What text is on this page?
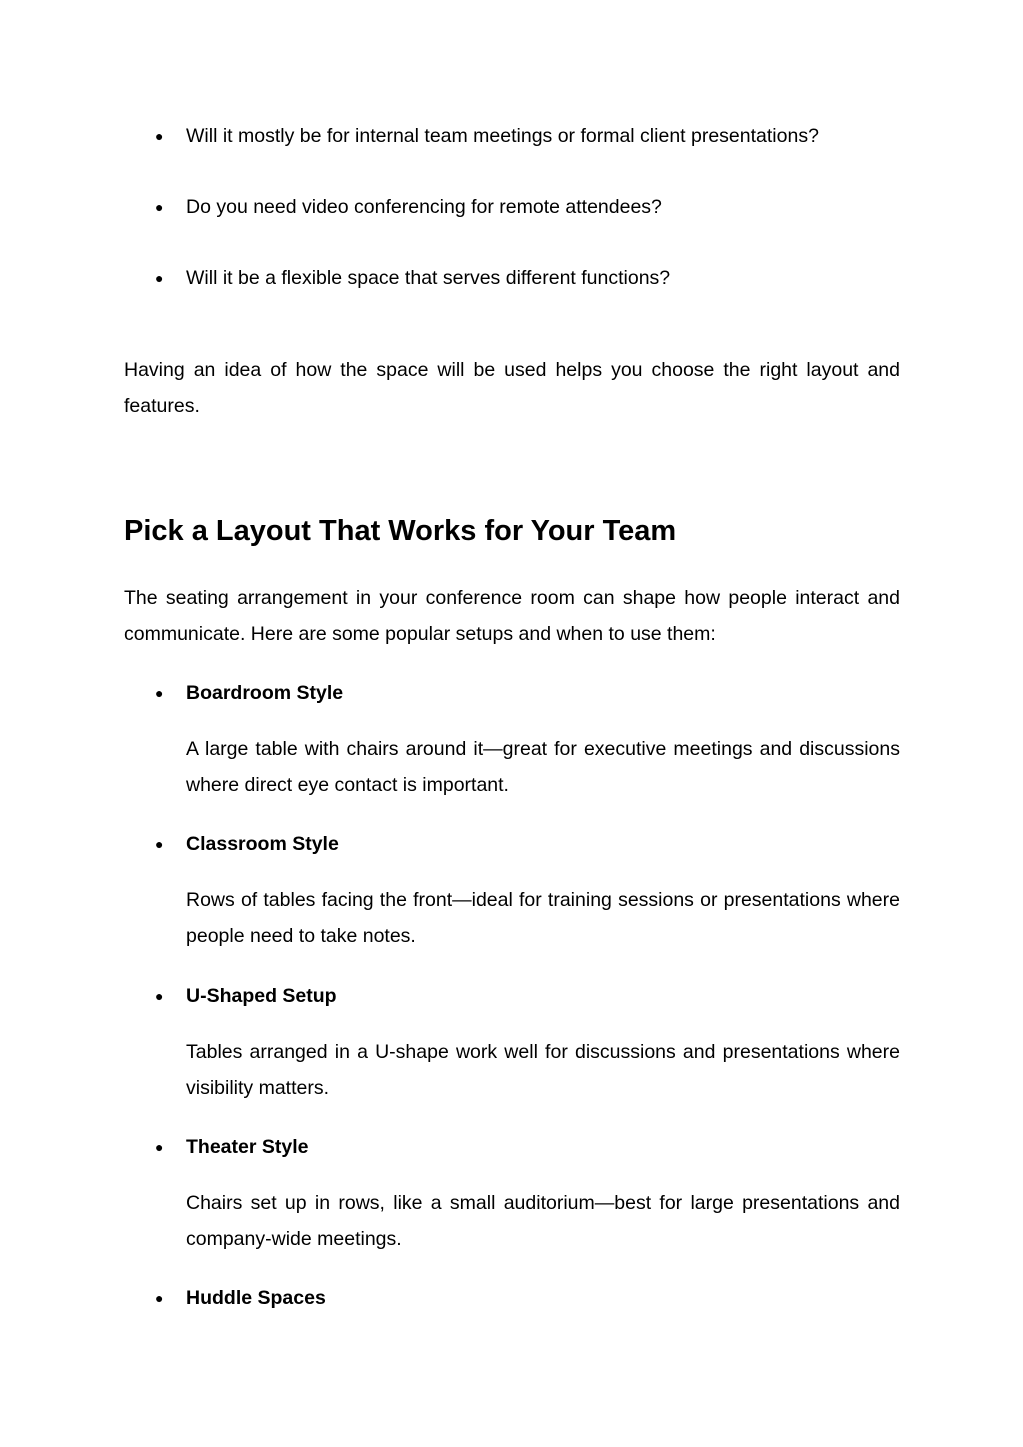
●	Will it mostly be for internal team meetings or formal client presentations?
●	Do you need video conferencing for remote attendees?
●	Will it be a flexible space that serves different functions?

Having an idea of how the space will be used helps you choose the right layout and features.

Pick a Layout That Works for Your Team

The seating arrangement in your conference room can shape how people interact and communicate. Here are some popular setups and when to use them:

●	Boardroom Style

A large table with chairs around it—great for executive meetings and discussions where direct eye contact is important.

●	Classroom Style

Rows of tables facing the front—ideal for training sessions or presentations where people need to take notes.

●	U-Shaped Setup

Tables arranged in a U-shape work well for discussions and presentations where visibility matters.

●	Theater Style

Chairs set up in rows, like a small auditorium—best for large presentations and company-wide meetings.

●	Huddle Spaces
